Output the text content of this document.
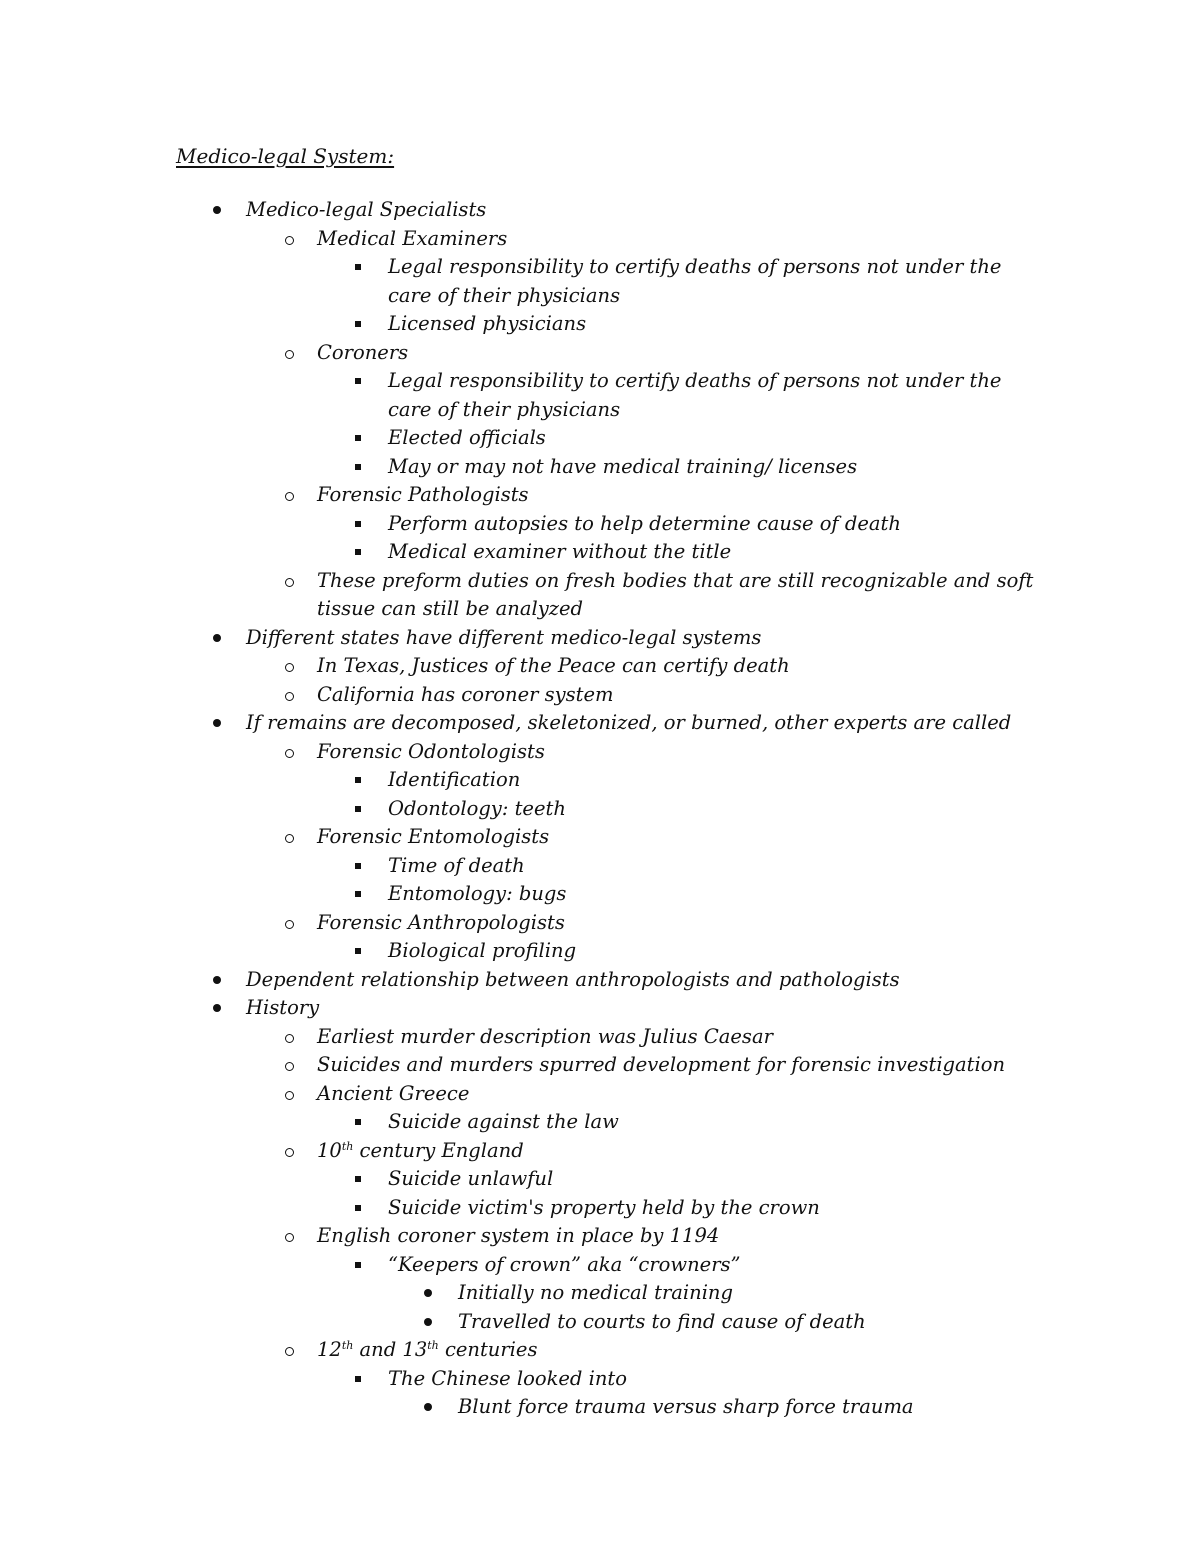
Medico-legal System:
Medico-legal Specialists
Medical Examiners
Legal responsibility to certify deaths of persons not under the
care of their physicians
Licensed physicians
Coroners
Legal responsibility to certify deaths of persons not under the
care of their physicians
Elected officials
May or may not have medical training/ licenses
Forensic Pathologists
Perform autopsies to help determine cause of death
Medical examiner without the title
These preform duties on fresh bodies that are still recognizable and soft
tissue can still be analyzed
Different states have different medico-legal systems
In Texas, Justices of the Peace can certify death
California has coroner system
If remains are decomposed, skeletonized, or burned, other experts are called
Forensic Odontologists
Identification
Odontology: teeth
Forensic Entomologists
Time of death
Entomology: bugs
Forensic Anthropologists
Biological profiling
Dependent relationship between anthropologists and pathologists
History
Earliest murder description was Julius Caesar
Suicides and murders spurred development for forensic investigation
Ancient Greece
Suicide against the law
10th century England
Suicide unlawful
Suicide victim's property held by the crown
English coroner system in place by 1194
“Keepers of crown” aka “crowners”
Initially no medical training
Travelled to courts to find cause of death
12th and 13th centuries
The Chinese looked into
Blunt force trauma versus sharp force trauma
